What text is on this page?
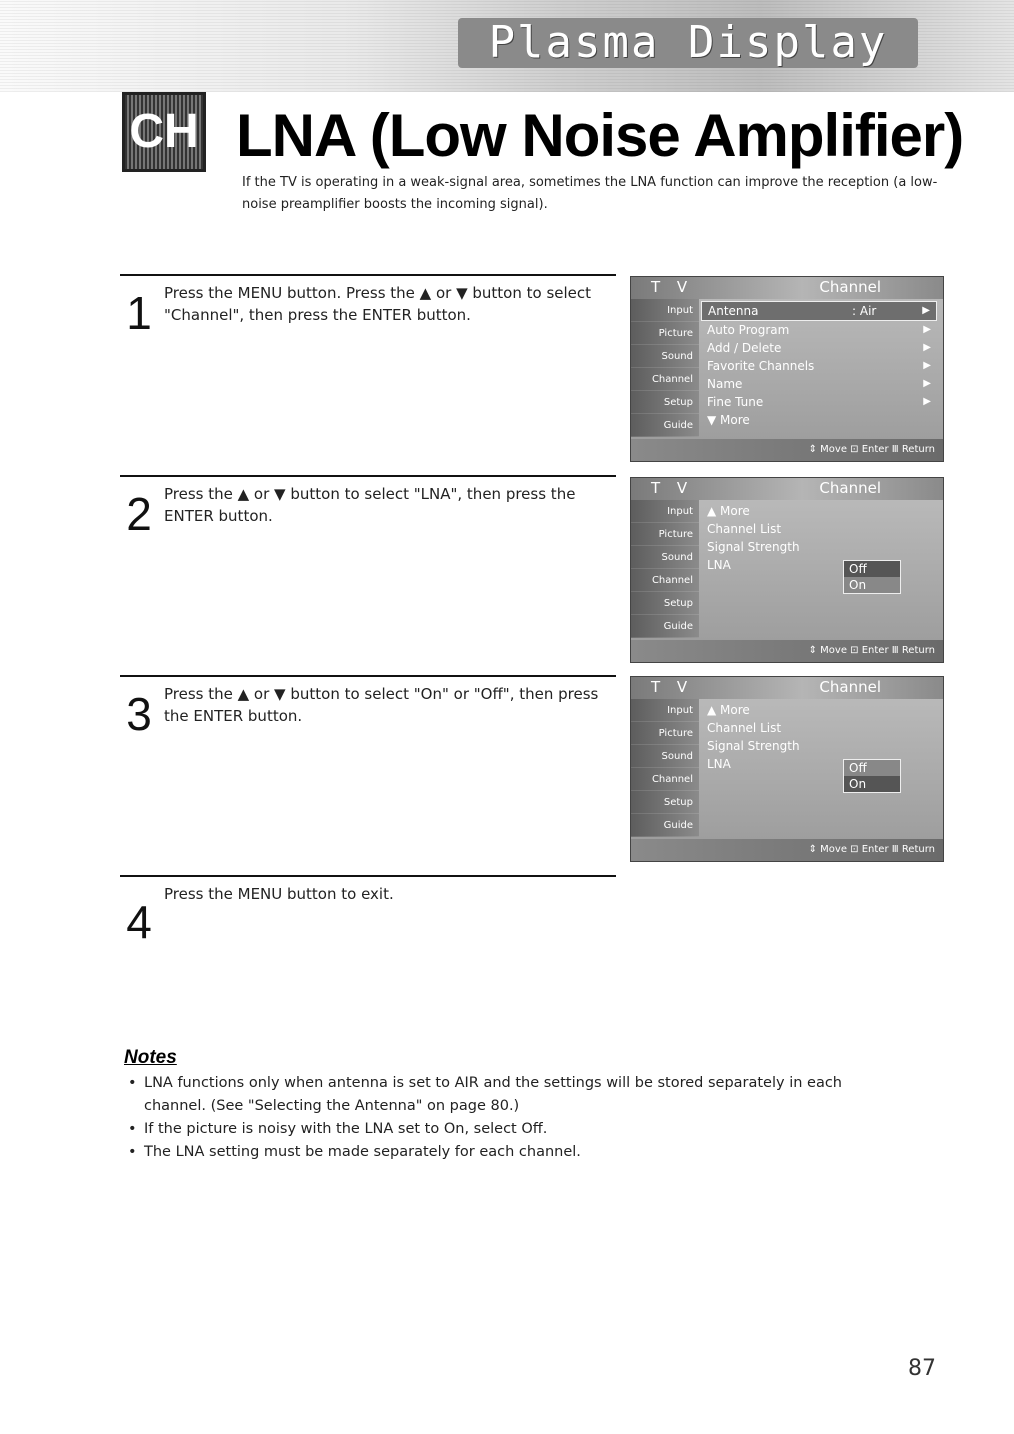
Plasma Display
CH LNA (Low Noise Amplifier)
If the TV is operating in a weak-signal area, sometimes the LNA function can improve the reception (a low-noise preamplifier boosts the incoming signal).
1 Press the MENU button. Press the ▲ or ▼ button to select "Channel", then press the ENTER button.
2 Press the ▲ or ▼ button to select "LNA", then press the ENTER button.
3 Press the ▲ or ▼ button to select "On" or "Off", then press the ENTER button.
4
Press the MENU button to exit.
T V	Channel
Input
Picture
Sound
Channel
Setup
Guide
Antenna	: Air	▶
Auto Program	▶
Add / Delete	▶
Favorite Channels	▶
Name	▶
Fine Tune	▶
▼ More
⇕ Move ⊡ Enter Ⅲ Return
T V	Channel
Input
Picture
Sound
Channel
Setup
Guide
▲ More
Channel List
Signal Strength
LNA	Off
On
⇕ Move ⊡ Enter Ⅲ Return
T V	Channel
Input
Picture
Sound
Channel
Setup
Guide
▲ More
Channel List
Signal Strength
LNA	Off
On
⇕ Move ⊡ Enter Ⅲ Return
Notes
• LNA functions only when antenna is set to AIR and the settings will be stored separately in each channel. (See "Selecting the Antenna" on page 80.)
• If the picture is noisy with the LNA set to On, select Off.
• The LNA setting must be made separately for each channel.
87
